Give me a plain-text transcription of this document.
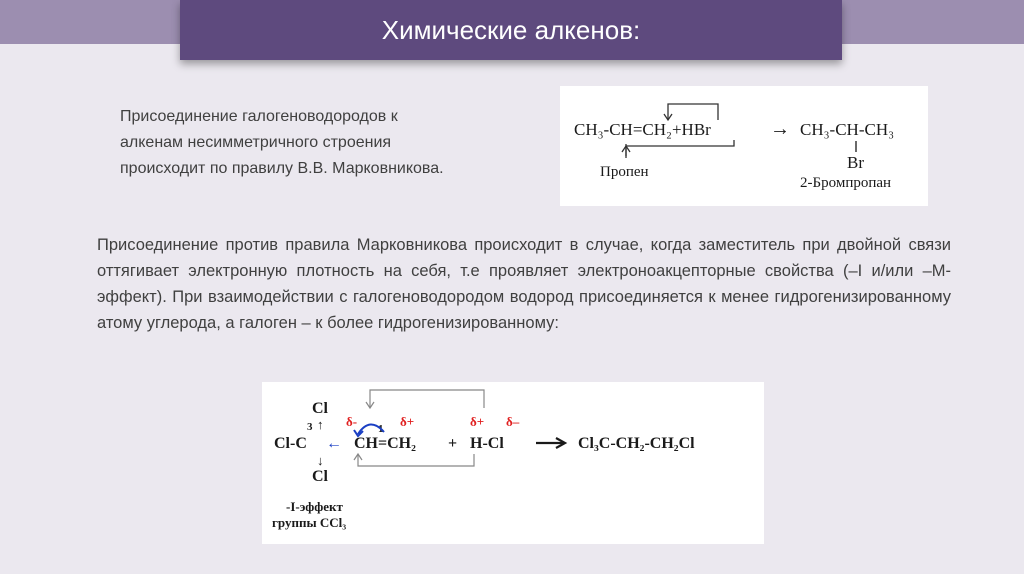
Химические алкенов:

Присоединение галогеноводородов к
алкенам несимметричного строения
происходит по правилу В.В. Марковникова.

CH₃-CH=CH₂+HBr	→ CH₃-CH-CH₃
Br
Пропен
2-Бромпропан

Присоединение против правила Марковникова происходит в случае, когда заместитель при двойной связи оттягивает электронную плотность на себя, т.е проявляет электроноакцепторные свойства (–I и/или –M-эффект). При взаимодействии с галогеноводородом водород присоединяется к менее гидрогенизированному атому углерода, а галоген – к более гидрогенизированному:

Cl
3 ↑
Cl-C ←
δ-	δ+
1
CH=CH₂ +
δ+ δ–
H-Cl	Cl₃C-CH₂-CH₂Cl
↓
Cl
-I-эффект
группы CCl₃
